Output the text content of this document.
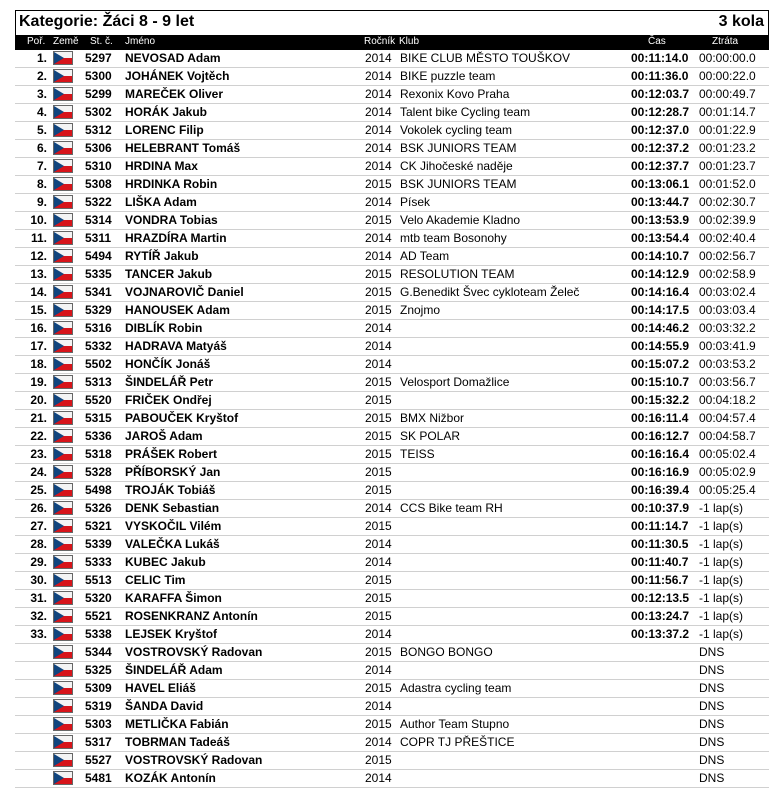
Kategorie: Žáci 8 - 9 let	3 kola
Poř. Země St. č. Jméno	Ročník Klub	Čas	Ztráta
1.	5297 NEVOSAD Adam	2014 BIKE CLUB MĚSTO TOUŠKOV	00:11:14.0 00:00:00.0
2.	5300 JOHÁNEK Vojtěch	2014 BIKE puzzle team	00:11:36.0 00:00:22.0
3.	5299 MAREČEK Oliver	2014 Rexonix Kovo Praha	00:12:03.7 00:00:49.7
4.	5302 HORÁK Jakub	2014 Talent bike Cycling team	00:12:28.7 00:01:14.7
5.	5312 LORENC Filip	2014 Vokolek cycling team	00:12:37.0 00:01:22.9
6.	5306 HELEBRANT Tomáš	2014 BSK JUNIORS TEAM	00:12:37.2 00:01:23.2
7.	5310 HRDINA Max	2014 CK Jihočeské naděje	00:12:37.7 00:01:23.7
8.	5308 HRDINKA Robin	2015 BSK JUNIORS TEAM	00:13:06.1 00:01:52.0
9.	5322 LIŠKA Adam	2014 Písek	00:13:44.7 00:02:30.7
10.	5314 VONDRA Tobias	2015 Velo Akademie Kladno	00:13:53.9 00:02:39.9
11.	5311 HRAZDÍRA Martin	2014 mtb team Bosonohy	00:13:54.4 00:02:40.4
12.	5494 RYTÍŘ Jakub	2014 AD Team	00:14:10.7 00:02:56.7
13.	5335 TANCER Jakub	2015 RESOLUTION TEAM	00:14:12.9 00:02:58.9
14.	5341 VOJNAROVIČ Daniel	2015 G.Benedikt Švec cykloteam Želeč	00:14:16.4 00:03:02.4
15.	5329 HANOUSEK Adam	2015 Znojmo	00:14:17.5 00:03:03.4
16.	5316 DIBLÍK Robin	2014	00:14:46.2 00:03:32.2
17.	5332 HADRAVA Matyáš	2014	00:14:55.9 00:03:41.9
18.	5502 HONČÍK Jonáš	2014	00:15:07.2 00:03:53.2
19.	5313 ŠINDELÁŘ Petr	2015 Velosport Domažlice	00:15:10.7 00:03:56.7
20.	5520 FRIČEK Ondřej	2015	00:15:32.2 00:04:18.2
21.	5315 PABOUČEK Kryštof	2015 BMX Nižbor	00:16:11.4 00:04:57.4
22.	5336 JAROŠ Adam	2015 SK POLAR	00:16:12.7 00:04:58.7
23.	5318 PRÁŠEK Robert	2015 TEISS	00:16:16.4 00:05:02.4
24.	5328 PŘÍBORSKÝ Jan	2015	00:16:16.9 00:05:02.9
25.	5498 TROJÁK Tobiáš	2015	00:16:39.4 00:05:25.4
26.	5326 DENK Sebastian	2014 CCS Bike team RH	00:10:37.9 -1 lap(s)
27.	5321 VYSKOČIL Vilém	2015	00:11:14.7 -1 lap(s)
28.	5339 VALEČKA Lukáš	2014	00:11:30.5 -1 lap(s)
29.	5333 KUBEC Jakub	2014	00:11:40.7 -1 lap(s)
30.	5513 CELIC Tim	2015	00:11:56.7 -1 lap(s)
31.	5320 KARAFFA Šimon	2015	00:12:13.5 -1 lap(s)
32.	5521 ROSENKRANZ Antonín	2015	00:13:24.7 -1 lap(s)
33.	5338 LEJSEK Kryštof	2014	00:13:37.2 -1 lap(s)
5344 VOSTROVSKÝ Radovan	2015 BONGO BONGO	DNS
5325 ŠINDELÁŘ Adam	2014	DNS
5309 HAVEL Eliáš	2015 Adastra cycling team	DNS
5319 ŠANDA David	2014	DNS
5303 METLIČKA Fabián	2015 Author Team Stupno	DNS
5317 TOBRMAN Tadeáš	2014 COPR TJ PŘEŠTICE	DNS
5527 VOSTROVSKÝ Radovan	2015	DNS
5481 KOZÁK Antonín	2014	DNS
